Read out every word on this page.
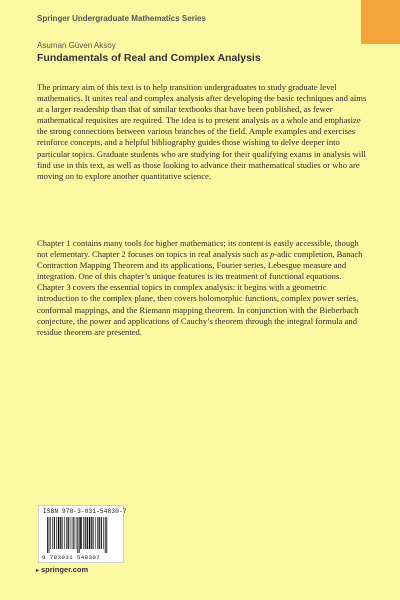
Springer Undergraduate Mathematics Series
Asuman Güven Aksoy
Fundamentals of Real and Complex Analysis

The primary aim of this text is to help transition undergraduates to study graduate level mathematics. It unites real and complex analysis after developing the basic techniques and aims at a larger readership than that of similar textbooks that have been published, as fewer mathematical requisites are required. The idea is to present analysis as a whole and emphasize the strong connections between various branches of the field. Ample examples and exercises reinforce concepts, and a helpful bibliography guides those wishing to delve deeper into particular topics. Graduate students who are studying for their qualifying exams in analysis will find use in this text, as well as those looking to advance their mathematical studies or who are moving on to explore another quantitative science.

Chapter 1 contains many tools for higher mathematics; its content is easily accessible, though not elementary. Chapter 2 focuses on topics in real analysis such as p-adic completion, Banach Contraction Mapping Theorem and its applications, Fourier series, Lebesgue measure and integration. One of this chapter’s unique features is its treatment of functional equations. Chapter 3 covers the essential topics in complex analysis: it begins with a geometric introduction to the complex plane, then covers holomorphic functions, complex power series, conformal mappings, and the Riemann mapping theorem. In conjunction with the Bieberbach conjecture, the power and applications of Cauchy’s theorem through the integral formula and residue theorem are presented.

ISBN 978-3-031-54830-7
9 783031 548307
▸ springer.com
